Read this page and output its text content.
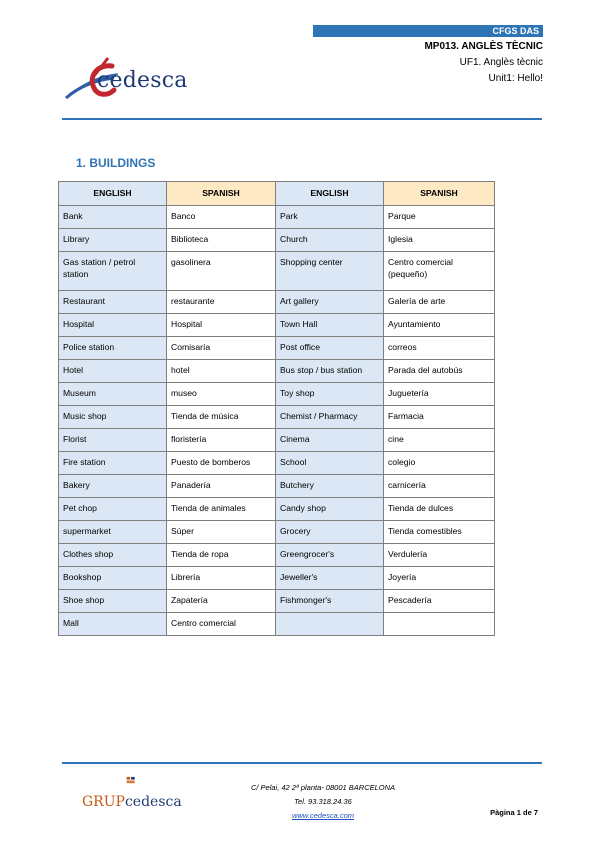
CFGS DAS
MP013. ANGLÈS TÈCNIC
UF1. Anglès tècnic
Unit1: Hello!
cedesca
1. BUILDINGS
ENGLISH	SPANISH	ENGLISH	SPANISH
Bank	Banco	Park	Parque
Library	Biblioteca	Church	Iglesia
Gas station / petrol station	gasolinera	Shopping center	Centro comercial (pequeño)
Restaurant	restaurante	Art gallery	Galería de arte
Hospital	Hospital	Town Hall	Ayuntamiento
Police station	Comisaría	Post office	correos
Hotel	hotel	Bus stop / bus station	Parada del autobús
Museum	museo	Toy shop	Juguetería
Music shop	Tienda de música	Chemist / Pharmacy	Farmacia
Florist	floristería	Cinema	cine
Fire station	Puesto de bomberos	School	colegio
Bakery	Panadería	Butchery	carnicería
Pet chop	Tienda de animales	Candy shop	Tienda de dulces
supermarket	Súper	Grocery	Tienda comestibles
Clothes shop	Tienda de ropa	Greengrocer's	Verdulería
Bookshop	Librería	Jeweller's	Joyería
Shoe shop	Zapatería	Fishmonger's	Pescadería
Mall	Centro comercial		
GRUPcedesca
C/ Pelai, 42 2ª planta- 08001 BARCELONA
Tel. 93.318.24.36
www.cedesca.com	Pàgina 1 de 7
